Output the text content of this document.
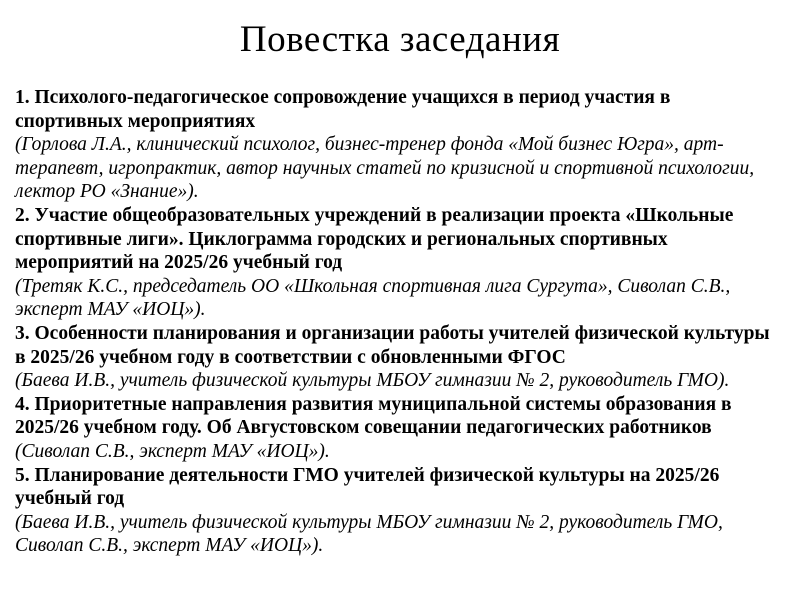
Повестка заседания
1. Психолого-педагогическое сопровождение учащихся в период участия в спортивных мероприятиях
(Горлова Л.А., клинический психолог, бизнес-тренер фонда «Мой бизнес Югра», арт-терапевт, игропрактик, автор научных статей по кризисной и спортивной психологии, лектор РО «Знание»).
2. Участие общеобразовательных учреждений в реализации проекта «Школьные спортивные лиги». Циклограмма городских и региональных спортивных мероприятий на 2025/26 учебный год
(Третяк К.С., председатель ОО «Школьная спортивная лига Сургута», Сиволап С.В., эксперт МАУ «ИОЦ»).
3. Особенности планирования и организации работы учителей физической культуры в 2025/26 учебном году в соответствии с обновленными ФГОС
(Баева И.В., учитель физической культуры МБОУ гимназии № 2, руководитель ГМО).
4. Приоритетные направления развития муниципальной системы образования в 2025/26 учебном году. Об Августовском совещании педагогических работников
(Сиволап С.В., эксперт МАУ «ИОЦ»).
5. Планирование деятельности ГМО учителей физической культуры на 2025/26 учебный год
(Баева И.В., учитель физической культуры МБОУ гимназии № 2, руководитель ГМО, Сиволап С.В., эксперт МАУ «ИОЦ»).
